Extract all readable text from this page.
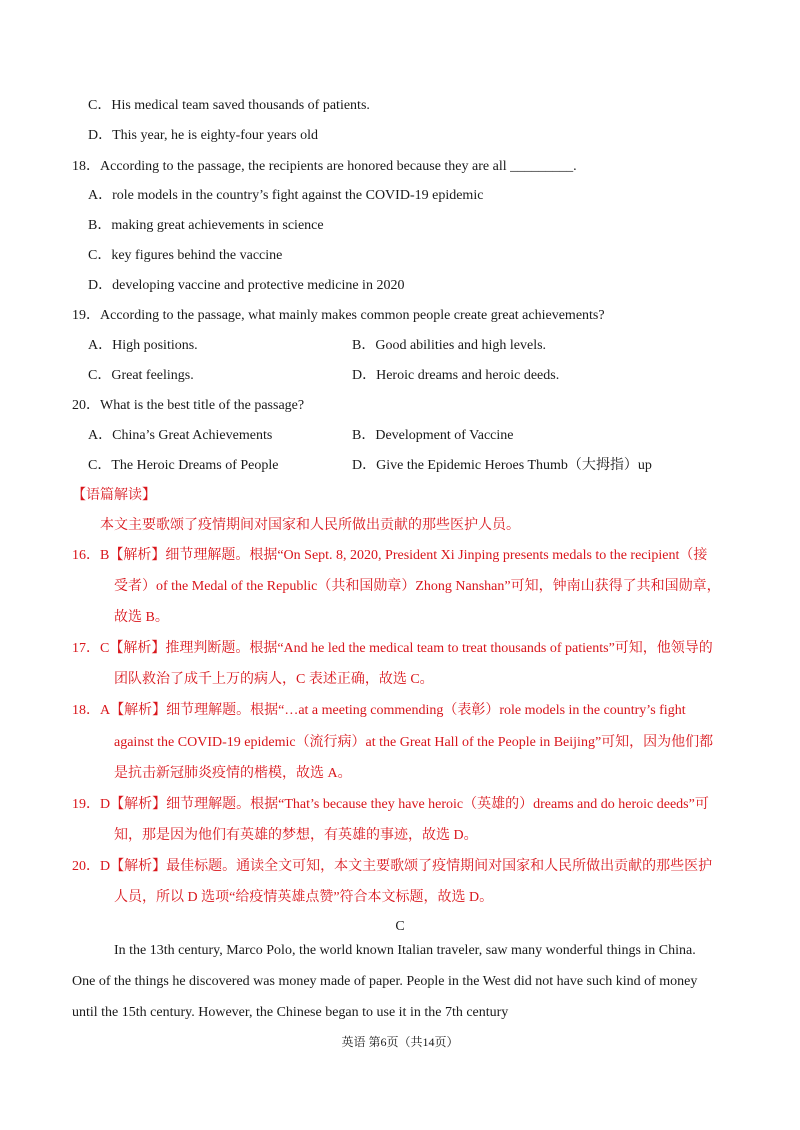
C．His medical team saved thousands of patients.
D．This year, he is eighty-four years old
18．According to the passage, the recipients are honored because they are all _________.
A．role models in the country’s fight against the COVID-19 epidemic
B．making great achievements in science
C．key figures behind the vaccine
D．developing vaccine and protective medicine in 2020
19．According to the passage, what mainly makes common people create great achievements?
A．High positions.	B．Good abilities and high levels.
C．Great feelings.	D．Heroic dreams and heroic deeds.
20．What is the best title of the passage?
A．China’s Great Achievements	B．Development of Vaccine
C．The Heroic Dreams of People	D．Give the Epidemic Heroes Thumb（大拇指）up
【语篇解读】
本文主要歌颂了疫情期间对国家和人民所做出贡献的那些医护人员。
16．B【解析】细节理解题。根据“On Sept. 8, 2020, President Xi Jinping presents medals to the recipient（接
受者）of the Medal of the Republic（共和国勋章）Zhong Nanshan”可知，钟南山获得了共和国勋章，
故选 B。
17．C【解析】推理判断题。根据“And he led the medical team to treat thousands of patients”可知，他领导的
团队救治了成千上万的病人，C 表述正确，故选 C。
18．A【解析】细节理解题。根据“…at a meeting commending（表彰）role models in the country’s fight
against the COVID-19 epidemic（流行病）at the Great Hall of the People in Beijing”可知，因为他们都
是抗击新冠肺炎疫情的楷模，故选 A。
19．D【解析】细节理解题。根据“That’s because they have heroic（英雄的）dreams and do heroic deeds”可
知，那是因为他们有英雄的梦想，有英雄的事迹，故选 D。
20．D【解析】最佳标题。通读全文可知，本文主要歌颂了疫情期间对国家和人民所做出贡献的那些医护
人员，所以 D 选项“给疫情英雄点赞”符合本文标题，故选 D。
C
In the 13th century, Marco Polo, the world known Italian traveler, saw many wonderful things in China.
One of the things he discovered was money made of paper. People in the West did not have such kind of money
until the 15th century. However, the Chinese began to use it in the 7th century
英语 第6页（共14页）
